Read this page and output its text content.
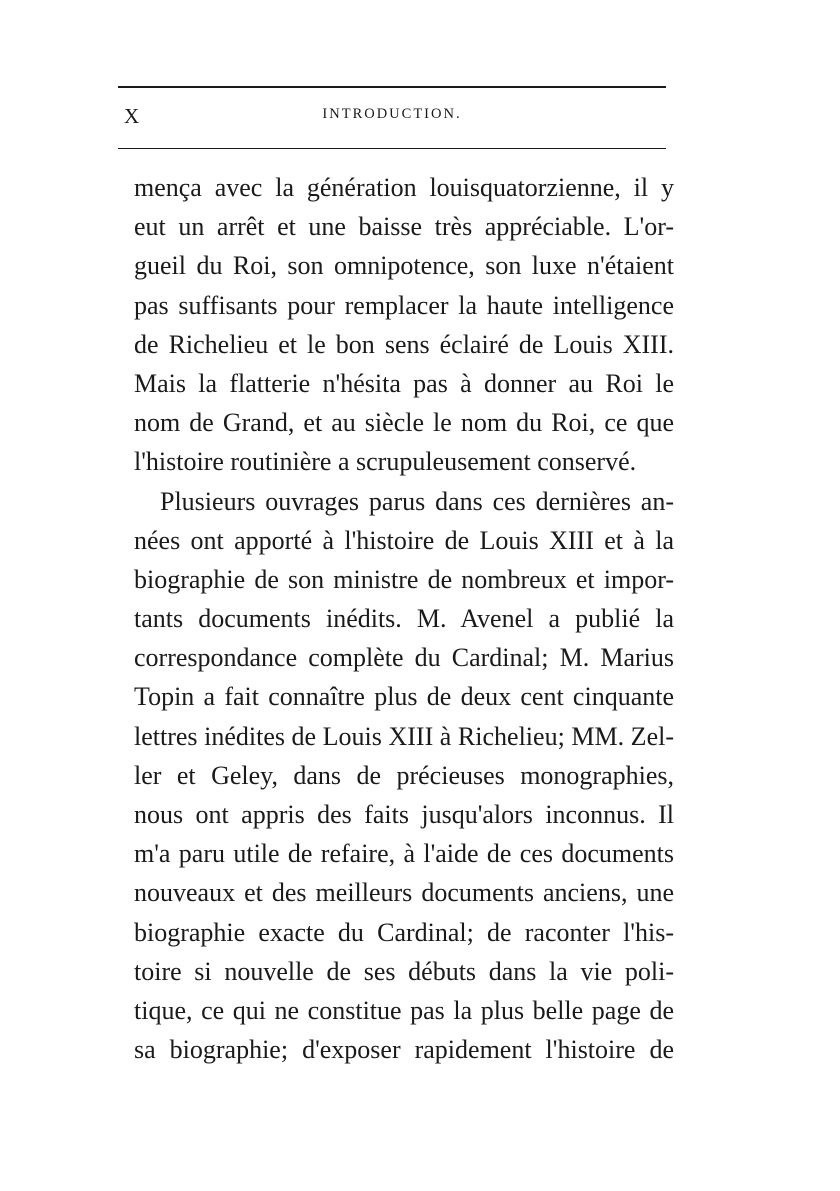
X	INTRODUCTION.
mença avec la génération louisquatorzienne, il y
eut un arrêt et une baisse très appréciable. L'or-
gueil du Roi, son omnipotence, son luxe n'étaient
pas suffisants pour remplacer la haute intelligence
de Richelieu et le bon sens éclairé de Louis XIII.
Mais la flatterie n'hésita pas à donner au Roi le
nom de Grand, et au siècle le nom du Roi, ce que
l'histoire routinière a scrupuleusement conservé.
Plusieurs ouvrages parus dans ces dernières an-
nées ont apporté à l'histoire de Louis XIII et à la
biographie de son ministre de nombreux et impor-
tants documents inédits. M. Avenel a publié la
correspondance complète du Cardinal; M. Marius
Topin a fait connaître plus de deux cent cinquante
lettres inédites de Louis XIII à Richelieu; MM. Zel-
ler et Geley, dans de précieuses monographies,
nous ont appris des faits jusqu'alors inconnus. Il
m'a paru utile de refaire, à l'aide de ces documents
nouveaux et des meilleurs documents anciens, une
biographie exacte du Cardinal; de raconter l'his-
toire si nouvelle de ses débuts dans la vie poli-
tique, ce qui ne constitue pas la plus belle page de
sa biographie; d'exposer rapidement l'histoire de
